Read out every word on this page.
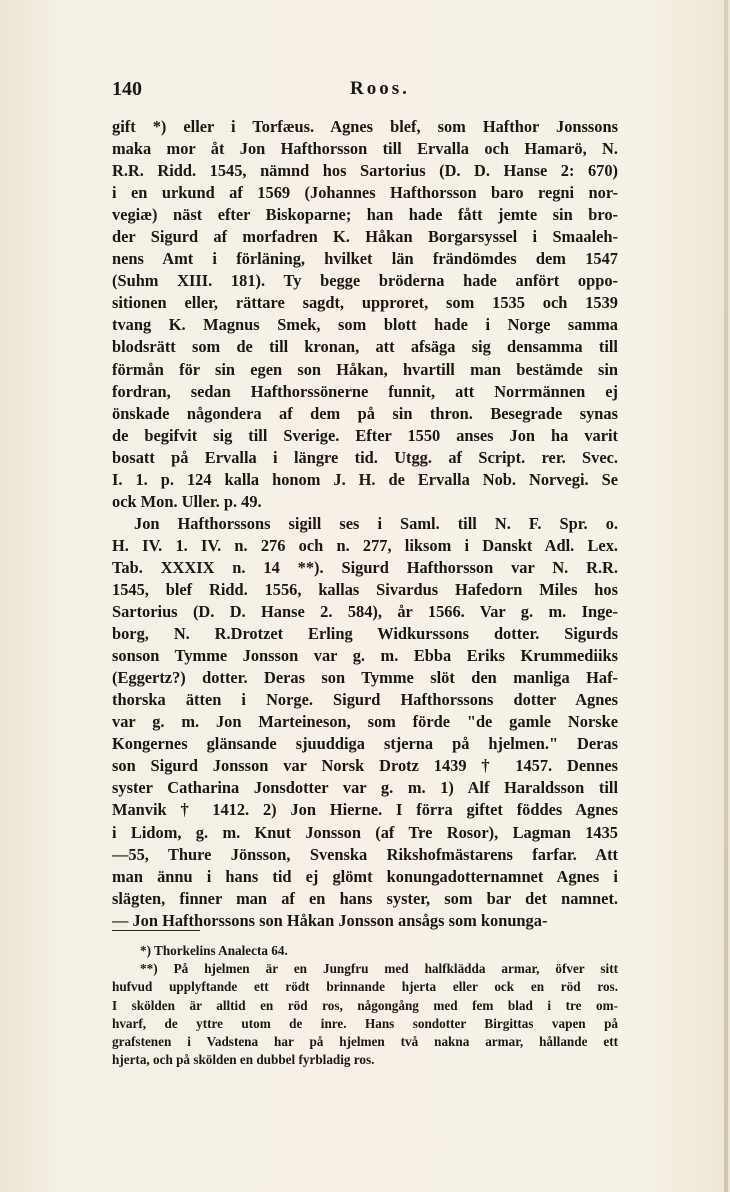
140	Roos.
gift *) eller i Torfæus. Agnes blef, som Hafthor Jonssons
maka mor åt Jon Hafthorsson till Ervalla och Hamarö, N.
R.R. Ridd. 1545, nämnd hos Sartorius (D. D. Hanse 2: 670)
i en urkund af 1569 (Johannes Hafthorsson baro regni nor-
vegiæ) näst efter Biskoparne; han hade fått jemte sin bro-
der Sigurd af morfadren K. Håkan Borgarsyssel i Smaaleh-
nens Amt i förläning, hvilket län frändömdes dem 1547
(Suhm XIII. 181). Ty begge bröderna hade anfört oppo-
sitionen eller, rättare sagdt, upproret, som 1535 och 1539
tvang K. Magnus Smek, som blott hade i Norge samma
blodsrätt som de till kronan, att afsäga sig densamma till
förmån för sin egen son Håkan, hvartill man bestämde sin
fordran, sedan Hafthorssönerne funnit, att Norrmännen ej
önskade någondera af dem på sin thron. Besegrade synas
de begifvit sig till Sverige. Efter 1550 anses Jon ha varit
bosatt på Ervalla i längre tid. Utgg. af Script. rer. Svec.
I. 1. p. 124 kalla honom J. H. de Ervalla Nob. Norvegi. Se
ock Mon. Uller. p. 49.
Jon Hafthorssons sigill ses i Saml. till N. F. Spr. o.
H. IV. 1. IV. n. 276 och n. 277, liksom i Danskt Adl. Lex.
Tab. XXXIX n. 14 **). Sigurd Hafthorsson var N. R.R.
1545, blef Ridd. 1556, kallas Sivardus Hafedorn Miles hos
Sartorius (D. D. Hanse 2. 584), år 1566. Var g. m. Inge-
borg, N. R.Drotzet Erling Widkurssons dotter. Sigurds
sonson Tymme Jonsson var g. m. Ebba Eriks Krummediiks
(Eggertz?) dotter. Deras son Tymme slöt den manliga Haf-
thorska ätten i Norge. Sigurd Hafthorssons dotter Agnes
var g. m. Jon Marteineson, som förde "de gamle Norske
Kongernes glänsande sjuuddiga stjerna på hjelmen." Deras
son Sigurd Jonsson var Norsk Drotz 1439 † 1457. Dennes
syster Catharina Jonsdotter var g. m. 1) Alf Haraldsson till
Manvik † 1412. 2) Jon Hierne. I förra giftet föddes Agnes
i Lidom, g. m. Knut Jonsson (af Tre Rosor), Lagman 1435
—55, Thure Jönsson, Svenska Rikshofmästarens farfar. Att
man ännu i hans tid ej glömt konungadotternamnet Agnes i
slägten, finner man af en hans syster, som bar det namnet.
— Jon Hafthorssons son Håkan Jonsson ansågs som konunga-
*) Thorkelins Analecta 64.
**) På hjelmen är en Jungfru med halfklädda armar, öfver sitt
hufvud upplyftande ett rödt brinnande hjerta eller ock en röd ros.
I skölden är alltid en röd ros, någongång med fem blad i tre om-
hvarf, de yttre utom de inre. Hans sondotter Birgittas vapen på
grafstenen i Vadstena har på hjelmen två nakna armar, hållande ett
hjerta, och på skölden en dubbel fyrbladig ros.
